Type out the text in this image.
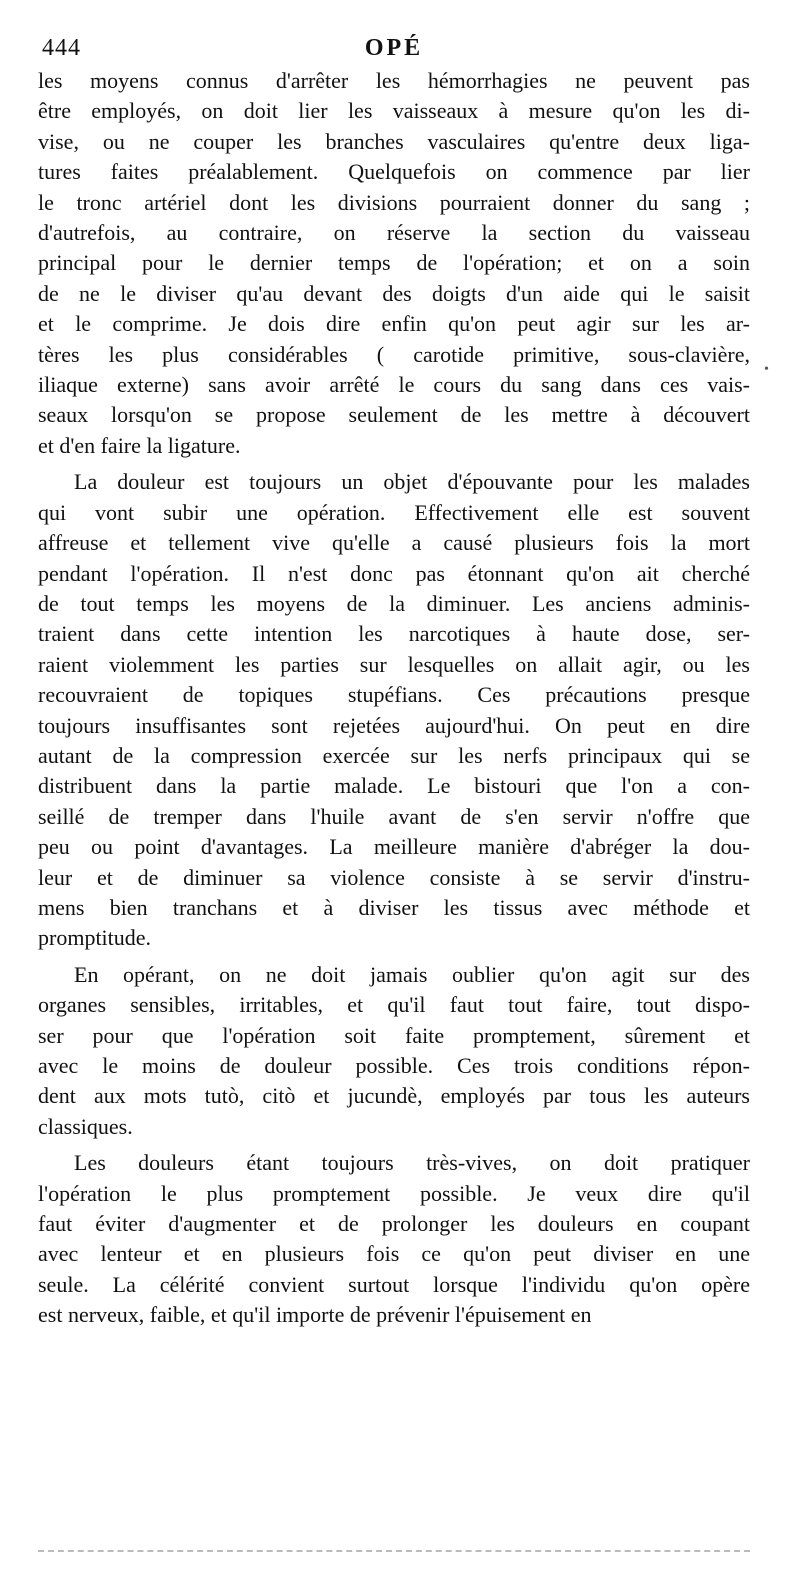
444	OPÉ
les moyens connus d'arrêter les hémorrhagies ne peuvent pas
être employés, on doit lier les vaisseaux à mesure qu'on les di-
vise, ou ne couper les branches vasculaires qu'entre deux liga-
tures faites préalablement. Quelquefois on commence par lier
le tronc artériel dont les divisions pourraient donner du sang ;
d'autrefois, au contraire, on réserve la section du vaisseau
principal pour le dernier temps de l'opération; et on a soin
de ne le diviser qu'au devant des doigts d'un aide qui le saisit
et le comprime. Je dois dire enfin qu'on peut agir sur les ar-
tères les plus considérables ( carotide primitive, sous-clavière,
iliaque externe) sans avoir arrêté le cours du sang dans ces vais-
seaux lorsqu'on se propose seulement de les mettre à découvert
et d'en faire la ligature.
La douleur est toujours un objet d'épouvante pour les malades
qui vont subir une opération. Effectivement elle est souvent
affreuse et tellement vive qu'elle a causé plusieurs fois la mort
pendant l'opération. Il n'est donc pas étonnant qu'on ait cherché
de tout temps les moyens de la diminuer. Les anciens adminis-
traient dans cette intention les narcotiques à haute dose, ser-
raient violemment les parties sur lesquelles on allait agir, ou les
recouvraient de topiques stupéfians. Ces précautions presque
toujours insuffisantes sont rejetées aujourd'hui. On peut en dire
autant de la compression exercée sur les nerfs principaux qui se
distribuent dans la partie malade. Le bistouri que l'on a con-
seillé de tremper dans l'huile avant de s'en servir n'offre que
peu ou point d'avantages. La meilleure manière d'abréger la dou-
leur et de diminuer sa violence consiste à se servir d'instru-
mens bien tranchans et à diviser les tissus avec méthode et
promptitude.
En opérant, on ne doit jamais oublier qu'on agit sur des
organes sensibles, irritables, et qu'il faut tout faire, tout dispo-
ser pour que l'opération soit faite promptement, sûrement et
avec le moins de douleur possible. Ces trois conditions répon-
dent aux mots tutò, citò et jucundè, employés par tous les auteurs
classiques.
Les douleurs étant toujours très-vives, on doit pratiquer
l'opération le plus promptement possible. Je veux dire qu'il
faut éviter d'augmenter et de prolonger les douleurs en coupant
avec lenteur et en plusieurs fois ce qu'on peut diviser en une
seule. La célérité convient surtout lorsque l'individu qu'on opère
est nerveux, faible, et qu'il importe de prévenir l'épuisement en
•
